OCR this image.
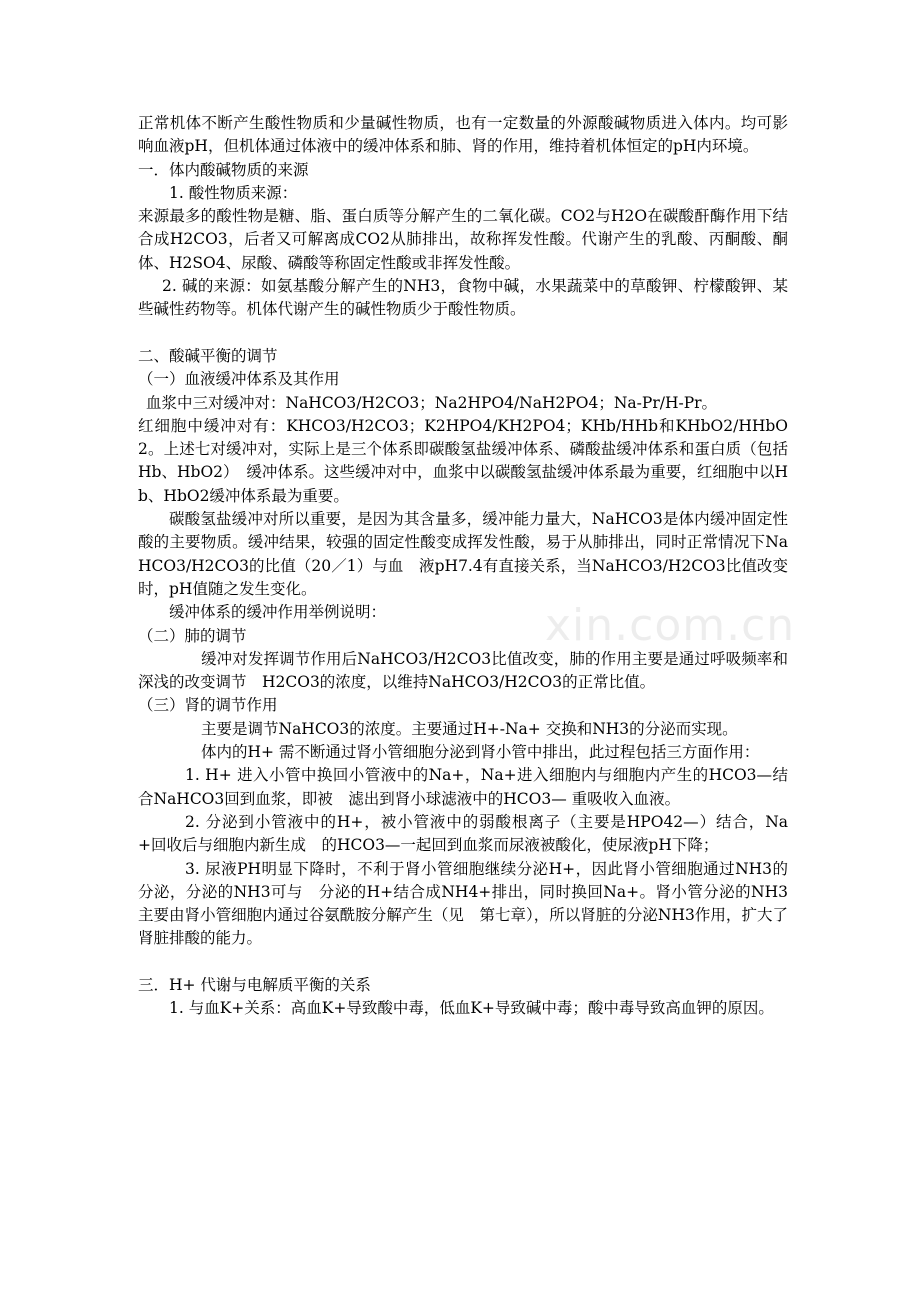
xin.com.cn

正常机体不断产生酸性物质和少量碱性物质，也有一定数量的外源酸碱物质进入体内。均可影响血液pH，但机体通过体液中的缓冲体系和肺、肾的作用，维持着机体恒定的pH内环境。

一．体内酸碱物质的来源

1. 酸性物质来源：

来源最多的酸性物是糖、脂、蛋白质等分解产生的二氧化碳。CO2与H2O在碳酸酐酶作用下结合成H2CO3，后者又可解离成CO2从肺排出，故称挥发性酸。代谢产生的乳酸、丙酮酸、酮体、H2SO4、尿酸、磷酸等称固定性酸或非挥发性酸。

2. 碱的来源：如氨基酸分解产生的NH3，食物中碱，水果蔬菜中的草酸钾、柠檬酸钾、某些碱性药物等。机体代谢产生的碱性物质少于酸性物质。

二、酸碱平衡的调节

（一）血液缓冲体系及其作用

血浆中三对缓冲对：NaHCO3/H2CO3；Na2HPO4/NaH2PO4；Na-Pr/H-Pr。

红细胞中缓冲对有：KHCO3/H2CO3；K2HPO4/KH2PO4；KHb/HHb和KHbO2/HHbO2。上述七对缓冲对，实际上是三个体系即碳酸氢盐缓冲体系、磷酸盐缓冲体系和蛋白质（包括Hb、HbO2）　缓冲体系。这些缓冲对中，血浆中以碳酸氢盐缓冲体系最为重要，红细胞中以Hb、HbO2缓冲体系最为重要。

碳酸氢盐缓冲对所以重要，是因为其含量多，缓冲能力量大，NaHCO3是体内缓冲固定性酸的主要物质。缓冲结果，较强的固定性酸变成挥发性酸，易于从肺排出，同时正常情况下NaHCO3/H2CO3的比值（20／1）与血　液pH7.4有直接关系，当NaHCO3/H2CO3比值改变时，pH值随之发生变化。

缓冲体系的缓冲作用举例说明：

（二）肺的调节

缓冲对发挥调节作用后NaHCO3/H2CO3比值改变，肺的作用主要是通过呼吸频率和深浅的改变调节　H2CO3的浓度，以维持NaHCO3/H2CO3的正常比值。

（三）肾的调节作用

主要是调节NaHCO3的浓度。主要通过H+-Na+ 交换和NH3的分泌而实现。

体内的H+ 需不断通过肾小管细胞分泌到肾小管中排出，此过程包括三方面作用：

1. H+ 进入小管中换回小管液中的Na+，Na+进入细胞内与细胞内产生的HCO3—结合NaHCO3回到血浆，即被　滤出到肾小球滤液中的HCO3— 重吸收入血液。

2. 分泌到小管液中的H+，被小管液中的弱酸根离子（主要是HPO42—）结合，Na+回收后与细胞内新生成　的HCO3—一起回到血浆而尿液被酸化，使尿液pH下降；

3. 尿液PH明显下降时，不利于肾小管细胞继续分泌H+，因此肾小管细胞通过NH3的分泌，分泌的NH3可与　分泌的H+结合成NH4+排出，同时换回Na+。肾小管分泌的NH3主要由肾小管细胞内通过谷氨酰胺分解产生（见　第七章），所以肾脏的分泌NH3作用，扩大了肾脏排酸的能力。

三．H+ 代谢与电解质平衡的关系

1. 与血K+关系：高血K+导致酸中毒，低血K+导致碱中毒；酸中毒导致高血钾的原因。
